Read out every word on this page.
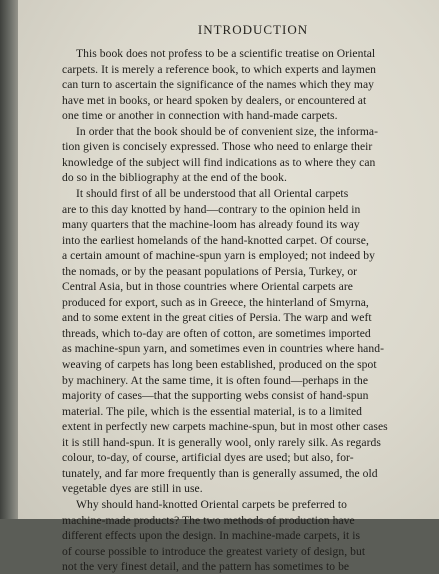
INTRODUCTION
This book does not profess to be a scientific treatise on Oriental
carpets. It is merely a reference book, to which experts and laymen
can turn to ascertain the significance of the names which they may
have met in books, or heard spoken by dealers, or encountered at
one time or another in connection with hand-made carpets.
In order that the book should be of convenient size, the informa-
tion given is concisely expressed. Those who need to enlarge their
knowledge of the subject will find indications as to where they can
do so in the bibliography at the end of the book.
It should first of all be understood that all Oriental carpets
are to this day knotted by hand—contrary to the opinion held in
many quarters that the machine-loom has already found its way
into the earliest homelands of the hand-knotted carpet. Of course,
a certain amount of machine-spun yarn is employed; not indeed by
the nomads, or by the peasant populations of Persia, Turkey, or
Central Asia, but in those countries where Oriental carpets are
produced for export, such as in Greece, the hinterland of Smyrna,
and to some extent in the great cities of Persia. The warp and weft
threads, which to-day are often of cotton, are sometimes imported
as machine-spun yarn, and sometimes even in countries where hand-
weaving of carpets has long been established, produced on the spot
by machinery. At the same time, it is often found—perhaps in the
majority of cases—that the supporting webs consist of hand-spun
material. The pile, which is the essential material, is to a limited
extent in perfectly new carpets machine-spun, but in most other cases
it is still hand-spun. It is generally wool, only rarely silk. As regards
colour, to-day, of course, artificial dyes are used; but also, for-
tunately, and far more frequently than is generally assumed, the old
vegetable dyes are still in use.
Why should hand-knotted Oriental carpets be preferred to
machine-made products? The two methods of production have
different effects upon the design. In machine-made carpets, it is
of course possible to introduce the greatest variety of design, but
not the very finest detail, and the pattern has sometimes to be
